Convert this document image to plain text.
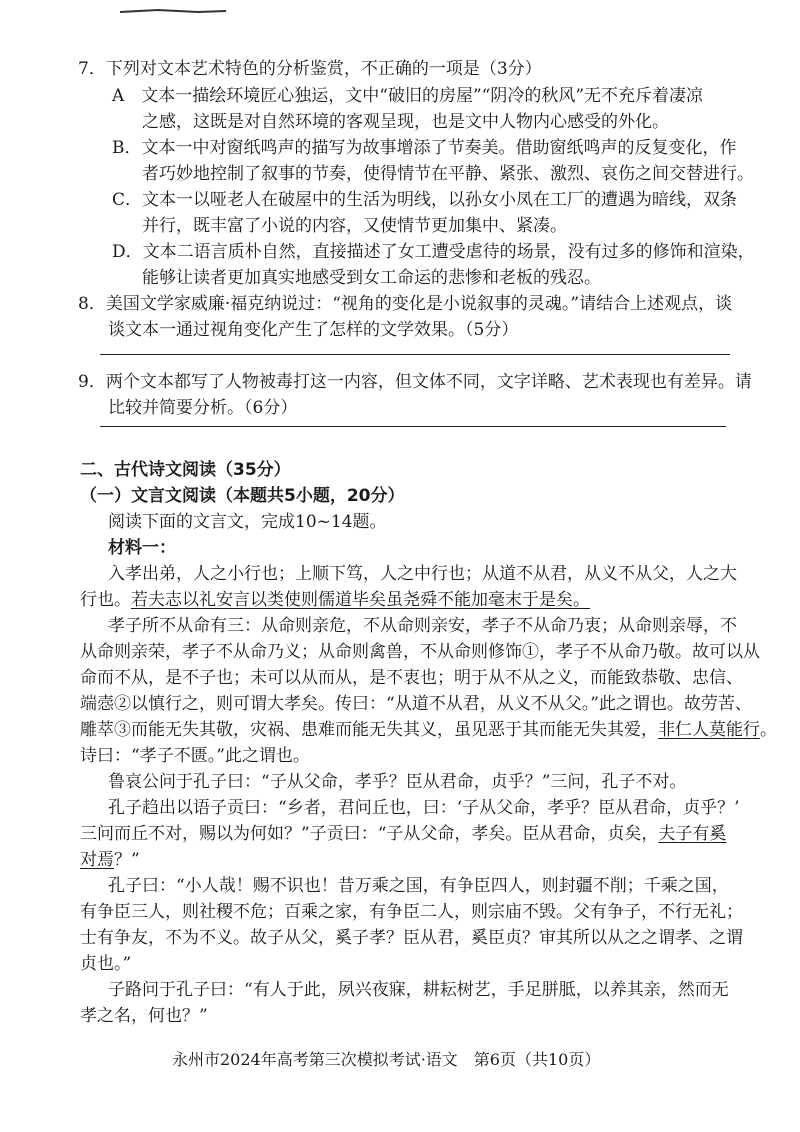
7．下列对文本艺术特色的分析鉴赏，不正确的一项是（3分）
A　文本一描绘环境匠心独运，文中“破旧的房屋”“阴冷的秋风”无不充斥着凄凉
之感，这既是对自然环境的客观呈现，也是文中人物内心感受的外化。
B．文本一中对窗纸鸣声的描写为故事增添了节奏美。借助窗纸鸣声的反复变化，作
者巧妙地控制了叙事的节奏，使得情节在平静、紧张、激烈、哀伤之间交替进行。
C．文本一以哑老人在破屋中的生活为明线，以孙女小凤在工厂的遭遇为暗线，双条
并行，既丰富了小说的内容，又使情节更加集中、紧凑。
D．文本二语言质朴自然，直接描述了女工遭受虐待的场景，没有过多的修饰和渲染，
能够让读者更加真实地感受到女工命运的悲惨和老板的残忍。
8．美国文学家威廉·福克纳说过：“视角的变化是小说叙事的灵魂。”请结合上述观点，谈
谈文本一通过视角变化产生了怎样的文学效果。（5分）
9．两个文本都写了人物被毒打这一内容，但文体不同，文字详略、艺术表现也有差异。请
比较并简要分析。（6分）
二、古代诗文阅读（35分）
（一）文言文阅读（本题共5小题，20分）
阅读下面的文言文，完成10~14题。
材料一：
入孝出弟，人之小行也；上顺下笃，人之中行也；从道不从君，从义不从父，人之大
行也。若夫志以礼安言以类使则儒道毕矣虽尧舜不能加毫末于是矣。
孝子所不从命有三：从命则亲危，不从命则亲安，孝子不从命乃衷；从命则亲辱，不
从命则亲荣，孝子不从命乃义；从命则禽兽，不从命则修饰①，孝子不从命乃敬。故可以从
命而不从，是不子也；未可以从而从，是不衷也；明于从不从之义，而能致恭敬、忠信、
端悫②以慎行之，则可谓大孝矣。传曰：“从道不从君，从义不从父。”此之谓也。故劳苦、
雕萃③而能无失其敬，灾祸、患难而能无失其义，虽见恶于其而能无失其爱，非仁人莫能行。
诗曰：“孝子不匮。”此之谓也。
鲁哀公问于孔子曰：“子从父命，孝乎？臣从君命，贞乎？”三问，孔子不对。
孔子趋出以语子贡曰：“乡者，君问丘也，曰：‘子从父命，孝乎？臣从君命，贞乎？’
三问而丘不对，赐以为何如？”子贡曰：“子从父命，孝矣。臣从君命，贞矣，夫子有奚
对焉？”
孔子曰：“小人哉！赐不识也！昔万乘之国，有争臣四人，则封疆不削；千乘之国，
有争臣三人，则社稷不危；百乘之家，有争臣二人，则宗庙不毁。父有争子，不行无礼；
士有争友，不为不义。故子从父，奚子孝？臣从君，奚臣贞？审其所以从之之谓孝、之谓
贞也。”
子路问于孔子曰：“有人于此，夙兴夜寐，耕耘树艺，手足胼胝，以养其亲，然而无
孝之名，何也？”
永州市2024年高考第三次模拟考试·语文　第6页（共10页）
